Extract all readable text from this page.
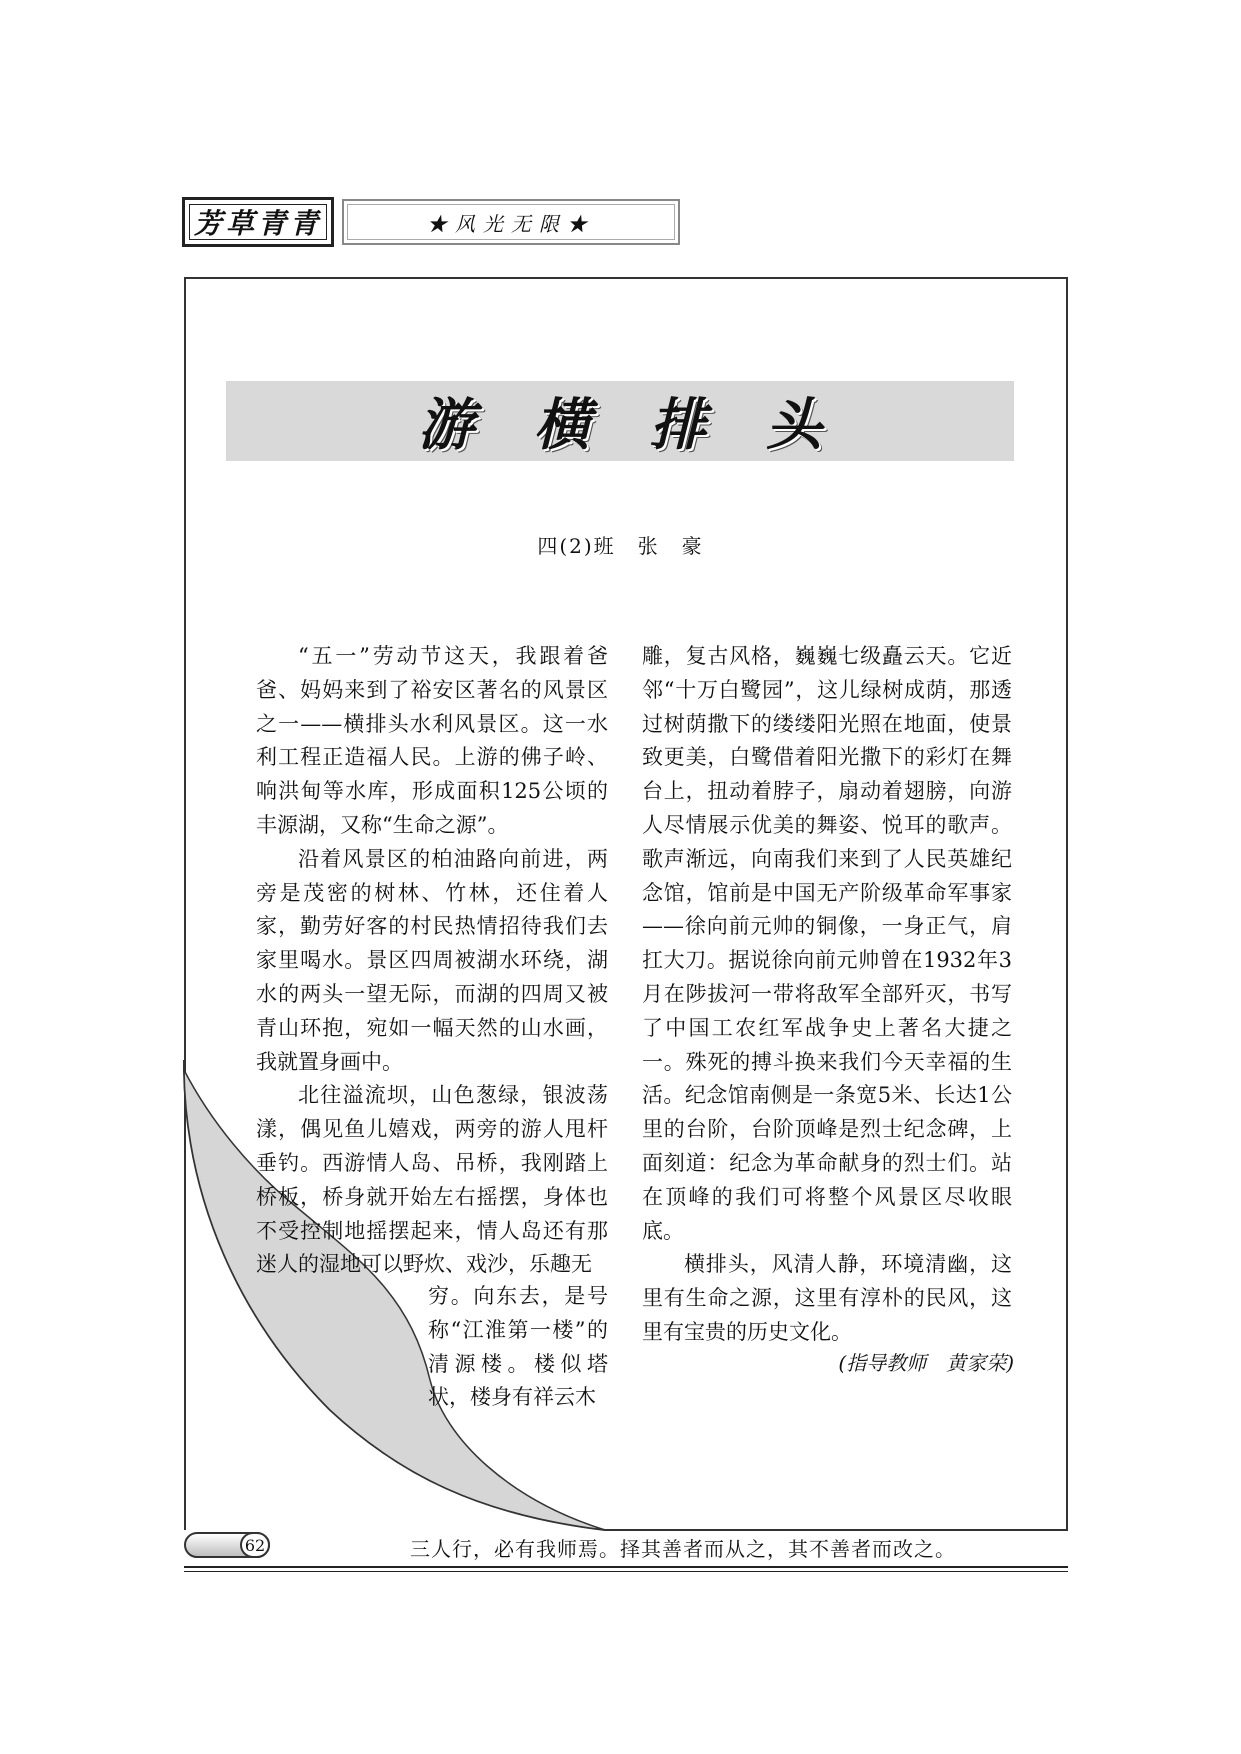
芳草青青	★风光无限★
游横排头
四(2)班　张　豪

“五一”劳动节这天，我跟着爸爸、妈妈来到了裕安区著名的风景区之一——横排头水利风景区。这一水利工程正造福人民。上游的佛子岭、响洪甸等水库，形成面积125公顷的丰源湖，又称“生命之源”。

沿着风景区的柏油路向前进，两旁是茂密的树林、竹林，还住着人家，勤劳好客的村民热情招待我们去家里喝水。景区四周被湖水环绕，湖水的两头一望无际，而湖的四周又被青山环抱，宛如一幅天然的山水画，我就置身画中。

北往溢流坝，山色葱绿，银波荡漾，偶见鱼儿嬉戏，两旁的游人甩杆垂钓。西游情人岛、吊桥，我刚踏上桥板，桥身就开始左右摇摆，身体也不受控制地摇摆起来，情人岛还有那迷人的湿地可以野炊、戏沙，乐趣无

穷。向东去，是号称“江淮第一楼”的清源楼。楼似塔状，楼身有祥云木

雕，复古风格，巍巍七级矗云天。它近邻“十万白鹭园”，这儿绿树成荫，那透过树荫撒下的缕缕阳光照在地面，使景致更美，白鹭借着阳光撒下的彩灯在舞台上，扭动着脖子，扇动着翅膀，向游人尽情展示优美的舞姿、悦耳的歌声。歌声渐远，向南我们来到了人民英雄纪念馆，馆前是中国无产阶级革命军事家——徐向前元帅的铜像，一身正气，肩扛大刀。据说徐向前元帅曾在1932年3月在陟拔河一带将敌军全部歼灭，书写了中国工农红军战争史上著名大捷之一。殊死的搏斗换来我们今天幸福的生活。纪念馆南侧是一条宽5米、长达1公里的台阶，台阶顶峰是烈士纪念碑，上面刻道：纪念为革命献身的烈士们。站在顶峰的我们可将整个风景区尽收眼底。

横排头，风清人静，环境清幽，这里有生命之源，这里有淳朴的民风，这里有宝贵的历史文化。

(指导教师　黄家荣)
62	三人行，必有我师焉。择其善者而从之，其不善者而改之。
